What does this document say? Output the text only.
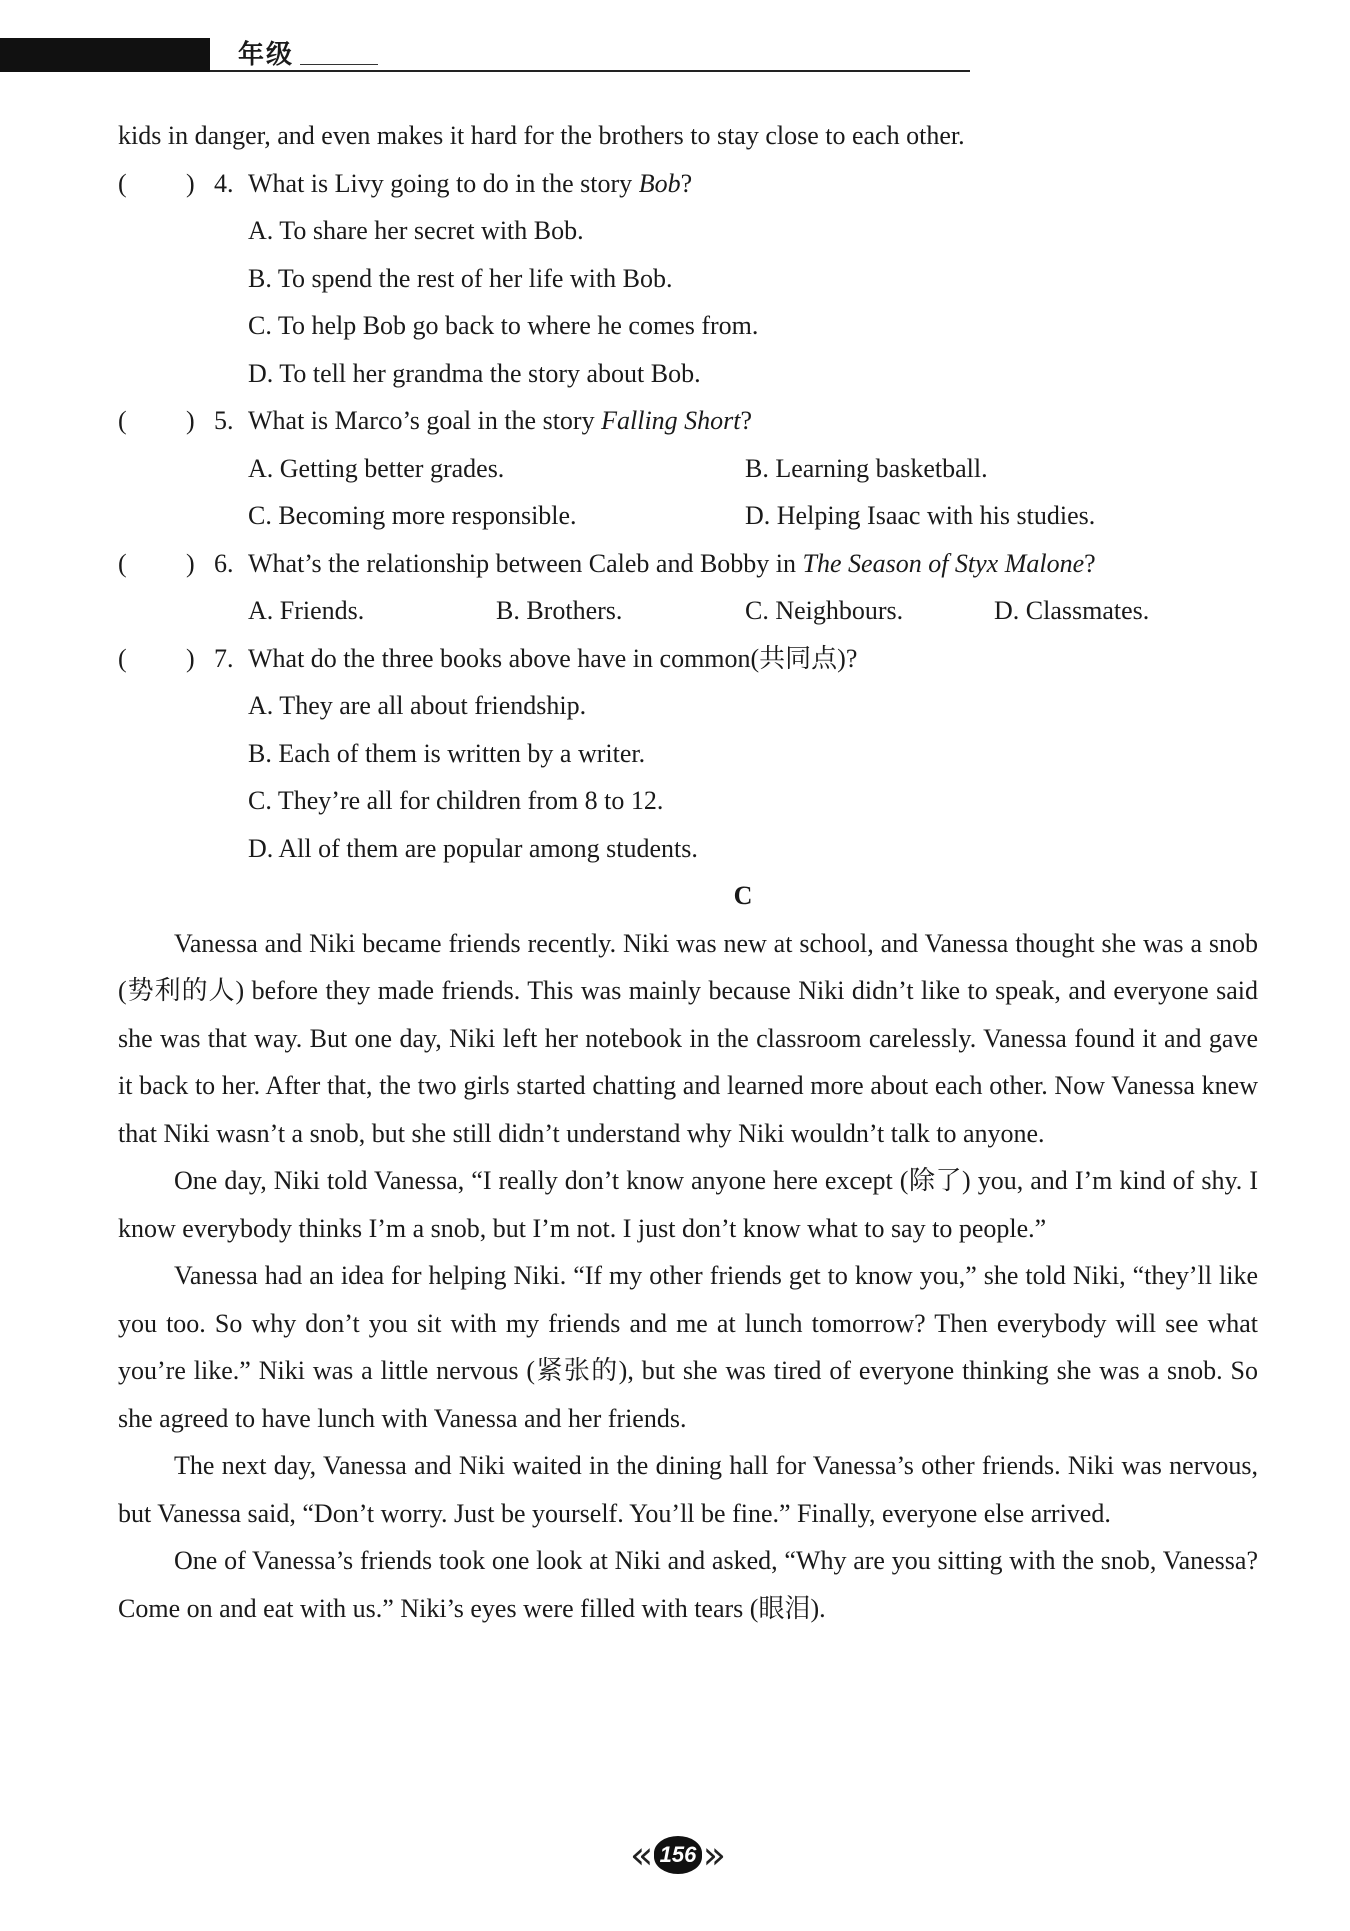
年级
kids in danger, and even makes it hard for the brothers to stay close to each other.
( ) 4. What is Livy going to do in the story Bob?
A. To share her secret with Bob.
B. To spend the rest of her life with Bob.
C. To help Bob go back to where he comes from.
D. To tell her grandma the story about Bob.
( ) 5. What is Marco’s goal in the story Falling Short?
A. Getting better grades.	B. Learning basketball.
C. Becoming more responsible.	D. Helping Isaac with his studies.
( ) 6. What’s the relationship between Caleb and Bobby in The Season of Styx Malone?
A. Friends.	B. Brothers.	C. Neighbours.	D. Classmates.
( ) 7. What do the three books above have in common(共同点)?
A. They are all about friendship.
B. Each of them is written by a writer.
C. They’re all for children from 8 to 12.
D. All of them are popular among students.
C

Vanessa and Niki became friends recently. Niki was new at school, and Vanessa thought she was a snob (势利的人) before they made friends. This was mainly because Niki didn’t like to speak, and everyone said she was that way. But one day, Niki left her notebook in the classroom carelessly. Vanessa found it and gave it back to her. After that, the two girls started chatting and learned more about each other. Now Vanessa knew that Niki wasn’t a snob, but she still didn’t understand why Niki wouldn’t talk to anyone.

One day, Niki told Vanessa, “I really don’t know anyone here except (除了) you, and I’m kind of shy. I know everybody thinks I’m a snob, but I’m not. I just don’t know what to say to people.”

Vanessa had an idea for helping Niki. “If my other friends get to know you,” she told Niki, “they’ll like you too. So why don’t you sit with my friends and me at lunch tomorrow? Then everybody will see what you’re like.” Niki was a little nervous (紧张的), but she was tired of everyone thinking she was a snob. So she agreed to have lunch with Vanessa and her friends.

The next day, Vanessa and Niki waited in the dining hall for Vanessa’s other friends. Niki was nervous, but Vanessa said, “Don’t worry. Just be yourself. You’ll be fine.” Finally, everyone else arrived.

One of Vanessa’s friends took one look at Niki and asked, “Why are you sitting with the snob, Vanessa? Come on and eat with us.” Niki’s eyes were filled with tears (眼泪).

« 156 »
